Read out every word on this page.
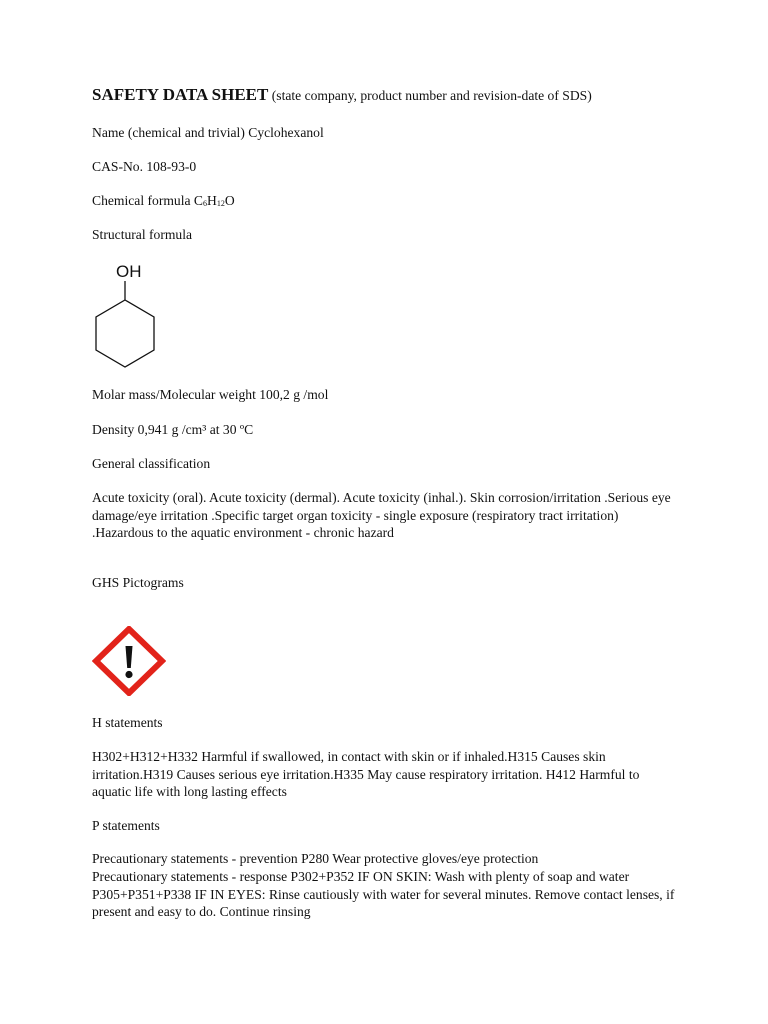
SAFETY DATA SHEET (state company, product number and revision-date of SDS)

Name (chemical and trivial) Cyclohexanol

CAS-No. 108-93-0

Chemical formula $C_6H_{12}O$

Structural formula

OH

Molar mass/Molecular weight 100,2 g /mol

Density 0,941 g /cm³ at 30 ºC

General classification

Acute toxicity (oral). Acute toxicity (dermal). Acute toxicity (inhal.). Skin corrosion/irritation .Serious eye damage/eye irritation .Specific target organ toxicity - single exposure (respiratory tract irritation) .Hazardous to the aquatic environment - chronic hazard

GHS Pictograms

H statements

H302+H312+H332 Harmful if swallowed, in contact with skin or if inhaled.H315 Causes skin irritation.H319 Causes serious eye irritation.H335 May cause respiratory irritation. H412 Harmful to aquatic life with long lasting effects

P statements

Precautionary statements - prevention P280 Wear protective gloves/eye protection

Precautionary statements - response P302+P352 IF ON SKIN: Wash with plenty of soap and water P305+P351+P338 IF IN EYES: Rinse cautiously with water for several minutes. Remove contact lenses, if present and easy to do. Continue rinsing
